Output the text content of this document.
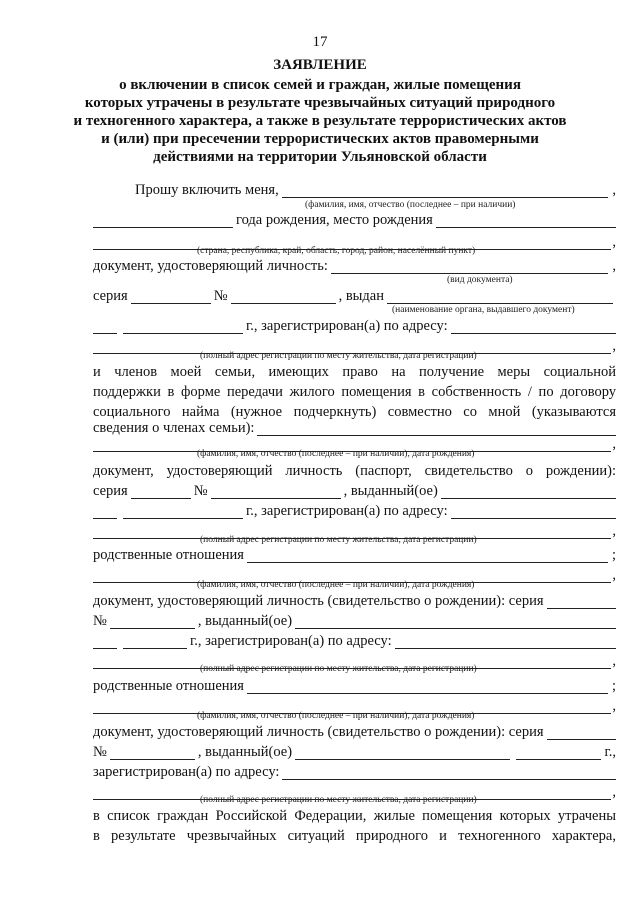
17
ЗАЯВЛЕНИЕ
о включении в список семей и граждан, жилые помещения
которых утрачены в результате чрезвычайных ситуаций природного
и техногенного характера, а также в результате террористических актов
и (или) при пресечении террористических актов правомерными
действиями на территории Ульяновской области
Прошу включить меня,	,
(фамилия, имя, отчество (последнее – при наличии)
года рождения, место рождения
,
(страна, республика, край, область, город, район, населённый пункт)
документ, удостоверяющий личность:	,
(вид документа)
серия	№	, выдан
(наименование органа, выдавшего документ)
г., зарегистрирован(а) по адресу:
,
(полный адрес регистрации по месту жительства, дата регистрации)
и членов моей семьи, имеющих право на получение меры социальной
поддержки в форме передачи жилого помещения в собственность / по договору
социального найма (нужное подчеркнуть) совместно со мной (указываются
сведения о членах семьи):
,
(фамилия, имя, отчество (последнее – при наличии), дата рождения)
документ, удостоверяющий личность (паспорт, свидетельство о рождении):
серия	№	, выданный(ое)
г., зарегистрирован(а) по адресу:
,
(полный адрес регистрации по месту жительства, дата регистрации)
родственные отношения	;
,
(фамилия, имя, отчество (последнее – при наличии), дата рождения)
документ, удостоверяющий личность (свидетельство о рождении): серия
№	, выданный(ое)
г., зарегистрирован(а) по адресу:
,
(полный адрес регистрации по месту жительства, дата регистрации)
родственные отношения	;
,
(фамилия, имя, отчество (последнее – при наличии), дата рождения)
документ, удостоверяющий личность (свидетельство о рождении): серия
№	, выданный(ое)	г.,
зарегистрирован(а) по адресу:
,
(полный адрес регистрации по месту жительства, дата регистрации)
в список граждан Российской Федерации, жилые помещения которых утрачены
в результате чрезвычайных ситуаций природного и техногенного характера,
